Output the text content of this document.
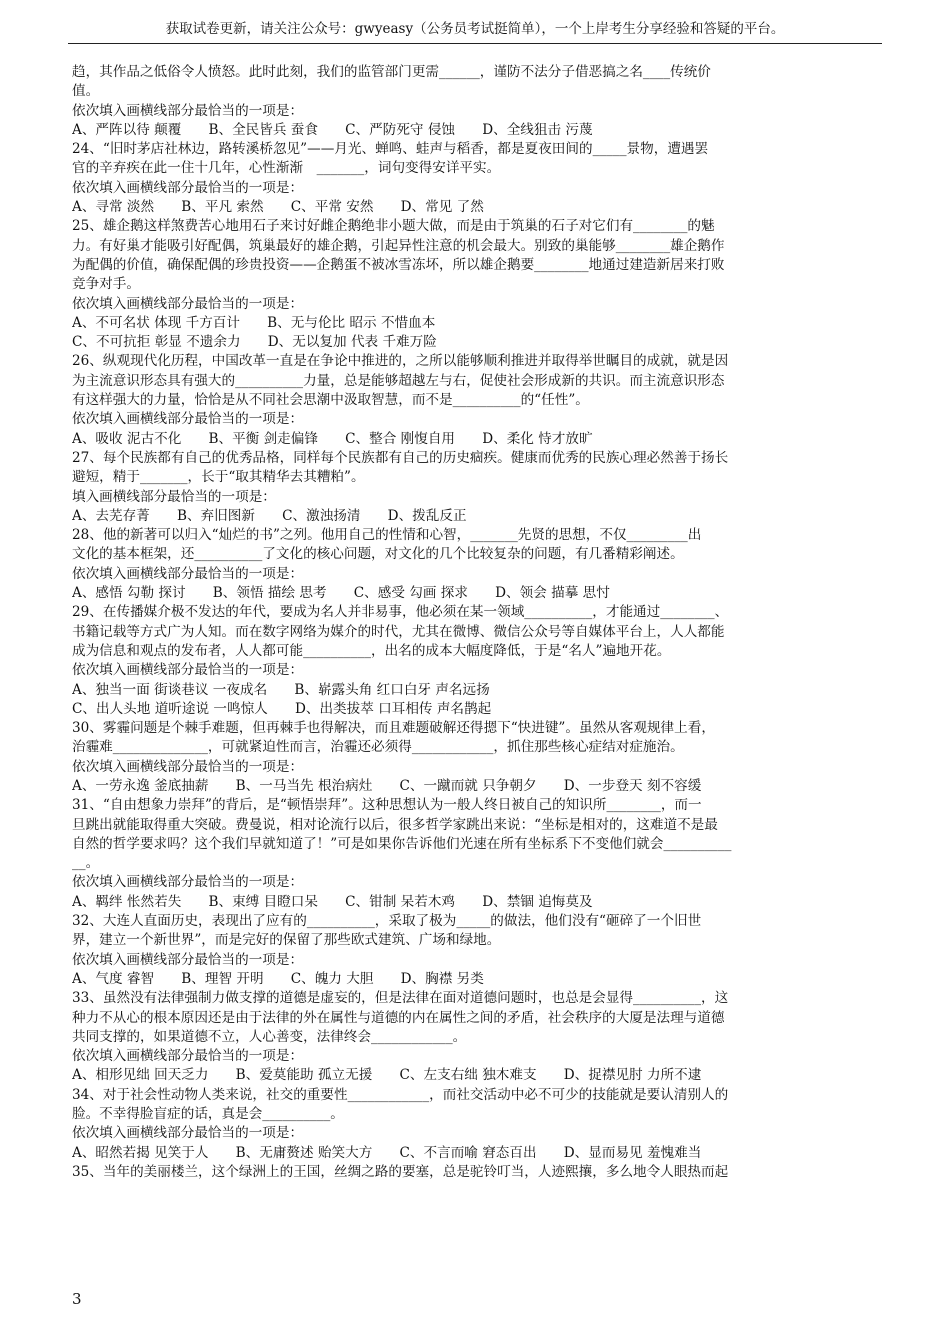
获取试卷更新，请关注公众号：gwyeasy（公务员考试挺简单），一个上岸考生分享经验和答疑的平台。

趋，其作品之低俗令人愤怒。此时此刻，我们的监管部门更需______，谨防不法分子借恶搞之名____传统价

值。

依次填入画横线部分最恰当的一项是：

A、严阵以待 颠覆　　B、全民皆兵 蚕食　　C、严防死守 侵蚀　　D、全线狙击 污蔑

24、“旧时茅店社林边，路转溪桥忽见”——月光、蝉鸣、蛙声与稻香，都是夏夜田间的_____景物，遭遇罢

官的辛弃疾在此一住十几年，心性渐渐　_______，词句变得安详平实。

依次填入画横线部分最恰当的一项是：

A、寻常 淡然　　B、平凡 索然　　C、平常 安然　　D、常见 了然

25、雄企鹅这样煞费苦心地用石子来讨好雌企鹅绝非小题大做，而是由于筑巢的石子对它们有________的魅

力。有好巢才能吸引好配偶，筑巢最好的雄企鹅，引起异性注意的机会最大。别致的巢能够________雄企鹅作

为配偶的价值，确保配偶的珍贵投资——企鹅蛋不被冰雪冻坏，所以雄企鹅要________地通过建造新居来打败

竞争对手。

依次填入画横线部分最恰当的一项是：

A、不可名状 体现 千方百计　　B、无与伦比 昭示 不惜血本

C、不可抗拒 彰显 不遗余力　　D、无以复加 代表 千难万险

26、纵观现代化历程，中国改革一直是在争论中推进的，之所以能够顺利推进并取得举世瞩目的成就，就是因

为主流意识形态具有强大的__________力量，总是能够超越左与右，促使社会形成新的共识。而主流意识形态

有这样强大的力量，恰恰是从不同社会思潮中汲取智慧，而不是__________的“任性”。

依次填入画横线部分最恰当的一项是：

A、吸收 泥古不化　　B、平衡 剑走偏锋　　C、整合 刚愎自用　　D、柔化 恃才放旷

27、每个民族都有自己的优秀品格，同样每个民族都有自己的历史痼疾。健康而优秀的民族心理必然善于扬长

避短，精于_______，长于“取其精华去其糟粕”。

填入画横线部分最恰当的一项是：

A、去芜存菁　　B、弃旧图新　　C、激浊扬清　　D、拨乱反正

28、他的新著可以归入“灿烂的书”之列。他用自己的性情和心智，_______先贤的思想，不仅_________出

文化的基本框架，还__________了文化的核心问题，对文化的几个比较复杂的问题，有几番精彩阐述。

依次填入画横线部分最恰当的一项是：

A、感悟 勾勒 探讨　　B、领悟 描绘 思考　　C、感受 勾画 探求　　D、领会 描摹 思忖

29、在传播媒介极不发达的年代，要成为名人并非易事，他必须在某一领域__________，才能通过________、

书籍记载等方式广为人知。而在数字网络为媒介的时代，尤其在微博、微信公众号等自媒体平台上，人人都能

成为信息和观点的发布者，人人都可能__________，出名的成本大幅度降低，于是“名人”遍地开花。

依次填入画横线部分最恰当的一项是：

A、独当一面 街谈巷议 一夜成名　　B、崭露头角 红口白牙 声名远扬

C、出人头地 道听途说 一鸣惊人　　D、出类拔萃 口耳相传 声名鹊起

30、雾霾问题是个棘手难题，但再棘手也得解决，而且难题破解还得摁下“快进键”。虽然从客观规律上看，

治霾难______________，可就紧迫性而言，治霾还必须得____________，抓住那些核心症结对症施治。

依次填入画横线部分最恰当的一项是：

A、一劳永逸 釜底抽薪　　B、一马当先 根治病灶　　C、一蹴而就 只争朝夕　　D、一步登天 刻不容缓

31、“自由想象力崇拜”的背后，是“顿悟崇拜”。这种思想认为一般人终日被自己的知识所________，而一

旦跳出就能取得重大突破。费曼说，相对论流行以后，很多哲学家跳出来说：“坐标是相对的，这难道不是最

自然的哲学要求吗？这个我们早就知道了！”可是如果你告诉他们光速在所有坐标系下不变他们就会__________

__。

依次填入画横线部分最恰当的一项是：

A、羁绊 怅然若失　　B、束缚 目瞪口呆　　C、钳制 呆若木鸡　　D、禁锢 追悔莫及

32、大连人直面历史，表现出了应有的__________，采取了极为_____的做法，他们没有“砸碎了一个旧世

界，建立一个新世界”，而是完好的保留了那些欧式建筑、广场和绿地。

依次填入画横线部分最恰当的一项是：

A、气度 睿智　　B、理智 开明　　C、魄力 大胆　　D、胸襟 另类

33、虽然没有法律强制力做支撑的道德是虚妄的，但是法律在面对道德问题时，也总是会显得__________，这

种力不从心的根本原因还是由于法律的外在属性与道德的内在属性之间的矛盾，社会秩序的大厦是法理与道德

共同支撑的，如果道德不立，人心善变，法律终会____________。

依次填入画横线部分最恰当的一项是：

A、相形见绌 回天乏力　　B、爱莫能助 孤立无援　　C、左支右绌 独木难支　　D、捉襟见肘 力所不逮

34、对于社会性动物人类来说，社交的重要性____________，而社交活动中必不可少的技能就是要认清别人的

脸。不幸得脸盲症的话，真是会__________。

依次填入画横线部分最恰当的一项是：

A、昭然若揭 见笑于人　　B、无庸赘述 贻笑大方　　C、不言而喻 窘态百出　　D、显而易见 羞愧难当

35、当年的美丽楼兰，这个绿洲上的王国，丝绸之路的要塞，总是驼铃叮当，人迹熙攘，多么地令人眼热而起

3
